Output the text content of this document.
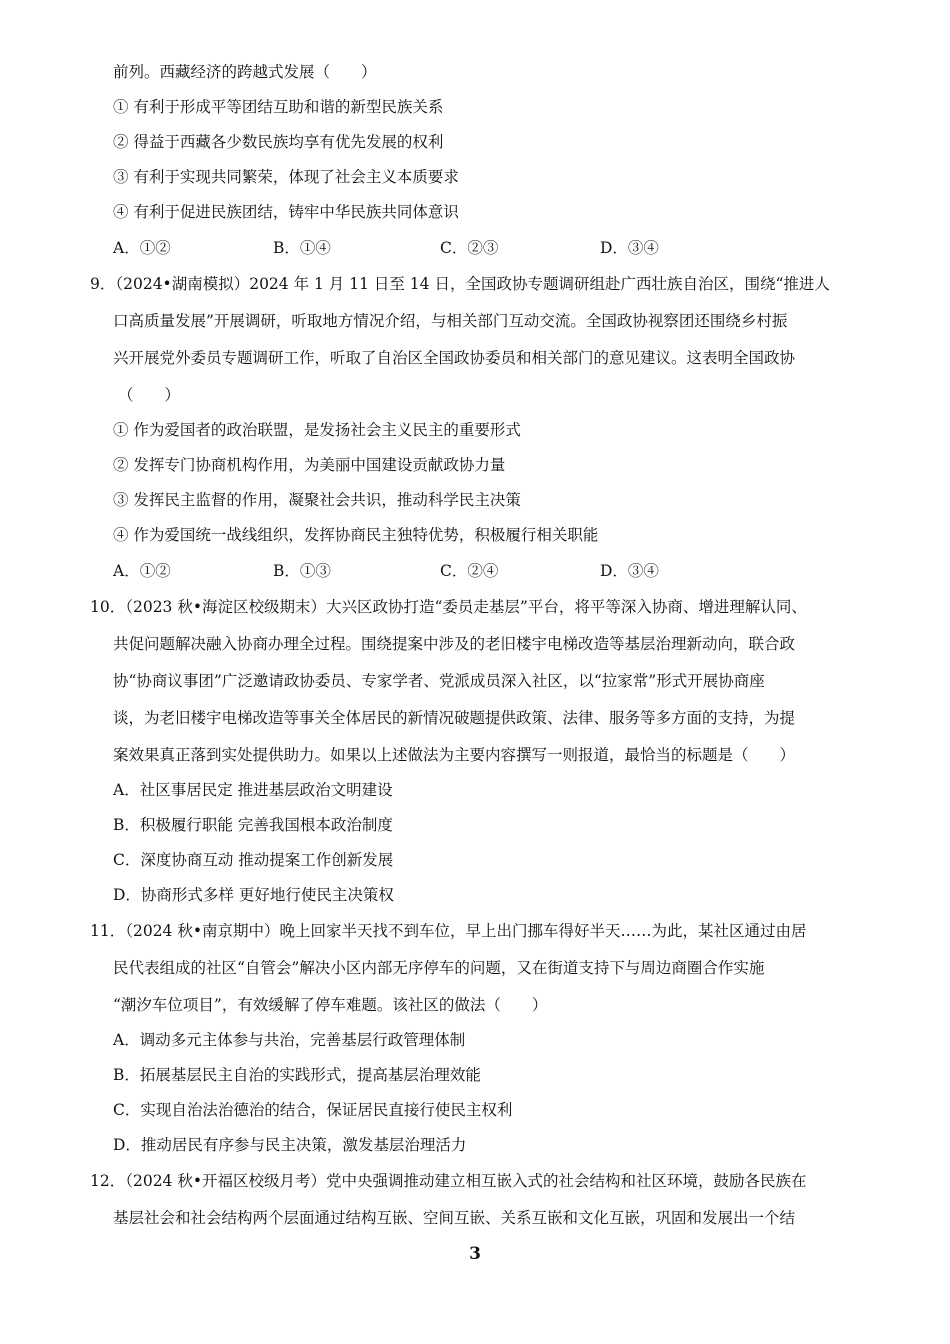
前列。西藏经济的跨越式发展（　　）
① 有利于形成平等团结互助和谐的新型民族关系
② 得益于西藏各少数民族均享有优先发展的权利
③ 有利于实现共同繁荣，体现了社会主义本质要求
④ 有利于促进民族团结，铸牢中华民族共同体意识
A．①②	B．①④	C．②③	D．③④
9．（2024•湖南模拟）2024 年 1 月 11 日至 14 日，全国政协专题调研组赴广西壮族自治区，围绕“推进人
口高质量发展”开展调研，听取地方情况介绍，与相关部门互动交流。全国政协视察团还围绕乡村振
兴开展党外委员专题调研工作，听取了自治区全国政协委员和相关部门的意见建议。这表明全国政协
（　　）
① 作为爱国者的政治联盟，是发扬社会主义民主的重要形式
② 发挥专门协商机构作用，为美丽中国建设贡献政协力量
③ 发挥民主监督的作用，凝聚社会共识，推动科学民主决策
④ 作为爱国统一战线组织，发挥协商民主独特优势，积极履行相关职能
A．①②	B．①③	C．②④	D．③④
10．（2023 秋•海淀区校级期末）大兴区政协打造“委员走基层”平台，将平等深入协商、增进理解认同、
共促问题解决融入协商办理全过程。围绕提案中涉及的老旧楼宇电梯改造等基层治理新动向，联合政
协“协商议事团”广泛邀请政协委员、专家学者、党派成员深入社区，以“拉家常”形式开展协商座
谈，为老旧楼宇电梯改造等事关全体居民的新情况破题提供政策、法律、服务等多方面的支持，为提
案效果真正落到实处提供助力。如果以上述做法为主要内容撰写一则报道，最恰当的标题是（　　）
A．社区事居民定 推进基层政治文明建设
B．积极履行职能 完善我国根本政治制度
C．深度协商互动 推动提案工作创新发展
D．协商形式多样 更好地行使民主决策权
11．（2024 秋•南京期中）晚上回家半天找不到车位，早上出门挪车得好半天……为此，某社区通过由居
民代表组成的社区“自管会”解决小区内部无序停车的问题，又在街道支持下与周边商圈合作实施
“潮汐车位项目”，有效缓解了停车难题。该社区的做法（　　）
A．调动多元主体参与共治，完善基层行政管理体制
B．拓展基层民主自治的实践形式，提高基层治理效能
C．实现自治法治德治的结合，保证居民直接行使民主权利
D．推动居民有序参与民主决策，激发基层治理活力
12．（2024 秋•开福区校级月考）党中央强调推动建立相互嵌入式的社会结构和社区环境，鼓励各民族在
基层社会和社会结构两个层面通过结构互嵌、空间互嵌、关系互嵌和文化互嵌，巩固和发展出一个结
3
